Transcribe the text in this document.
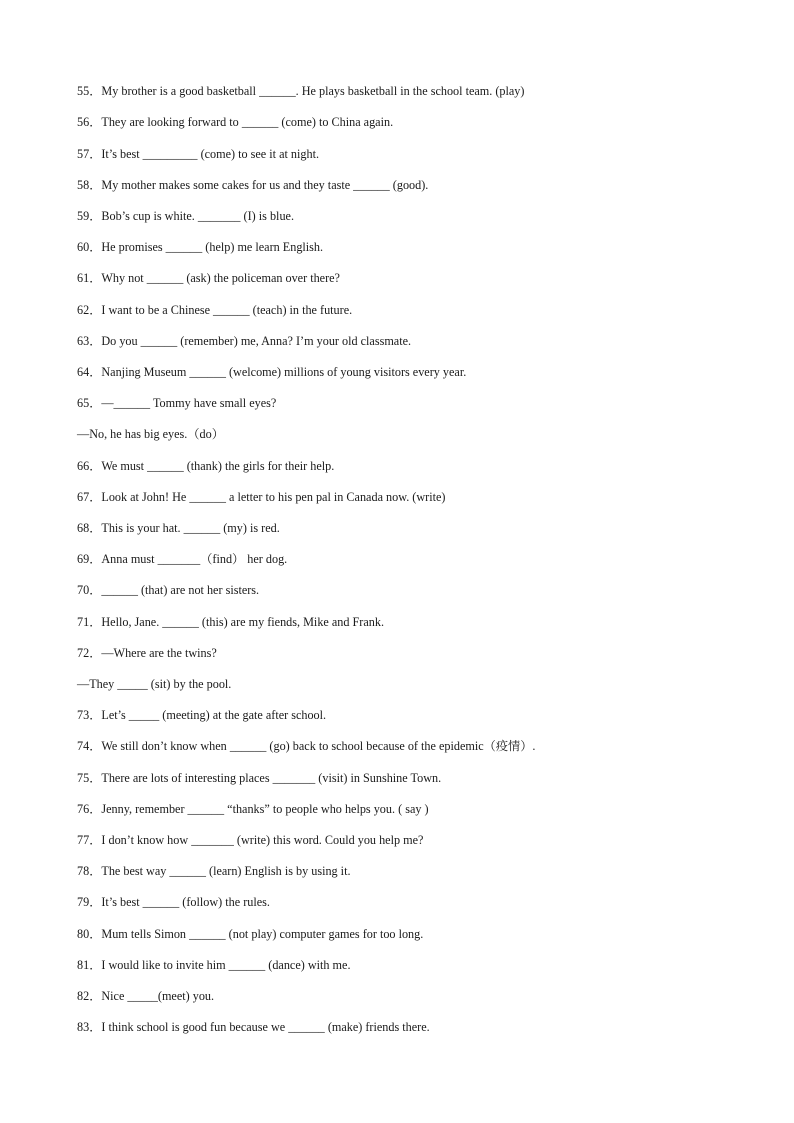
55．My brother is a good basketball ______. He plays basketball in the school team. (play)
56．They are looking forward to ______ (come) to China again.
57．It’s best _________ (come) to see it at night.
58．My mother makes some cakes for us and they taste ______ (good).
59．Bob’s cup is white. _______ (I) is blue.
60．He promises ______ (help) me learn English.
61．Why not ______ (ask) the policeman over there?
62．I want to be a Chinese ______ (teach) in the future.
63．Do you ______ (remember) me, Anna? I’m your old classmate.
64．Nanjing Museum ______ (welcome) millions of young visitors every year.
65．—______ Tommy have small eyes?
—No, he has big eyes.（do）
66．We must ______ (thank) the girls for their help.
67．Look at John! He ______ a letter to his pen pal in Canada now. (write)
68．This is your hat. ______ (my) is red.
69．Anna must _______（find） her dog.
70．______ (that) are not her sisters.
71．Hello, Jane. ______ (this) are my fiends, Mike and Frank.
72．—Where are the twins?
—They _____ (sit) by the pool.
73．Let’s _____ (meeting) at the gate after school.
74．We still don’t know when ______ (go) back to school because of the epidemic（疫情）.
75．There are lots of interesting places _______ (visit) in Sunshine Town.
76．Jenny, remember ______ “thanks” to people who helps you. ( say )
77．I don’t know how _______ (write) this word. Could you help me?
78．The best way ______ (learn) English is by using it.
79．It’s best ______ (follow) the rules.
80．Mum tells Simon ______ (not play) computer games for too long.
81．I would like to invite him ______ (dance) with me.
82．Nice _____(meet) you.
83．I think school is good fun because we ______ (make) friends there.
